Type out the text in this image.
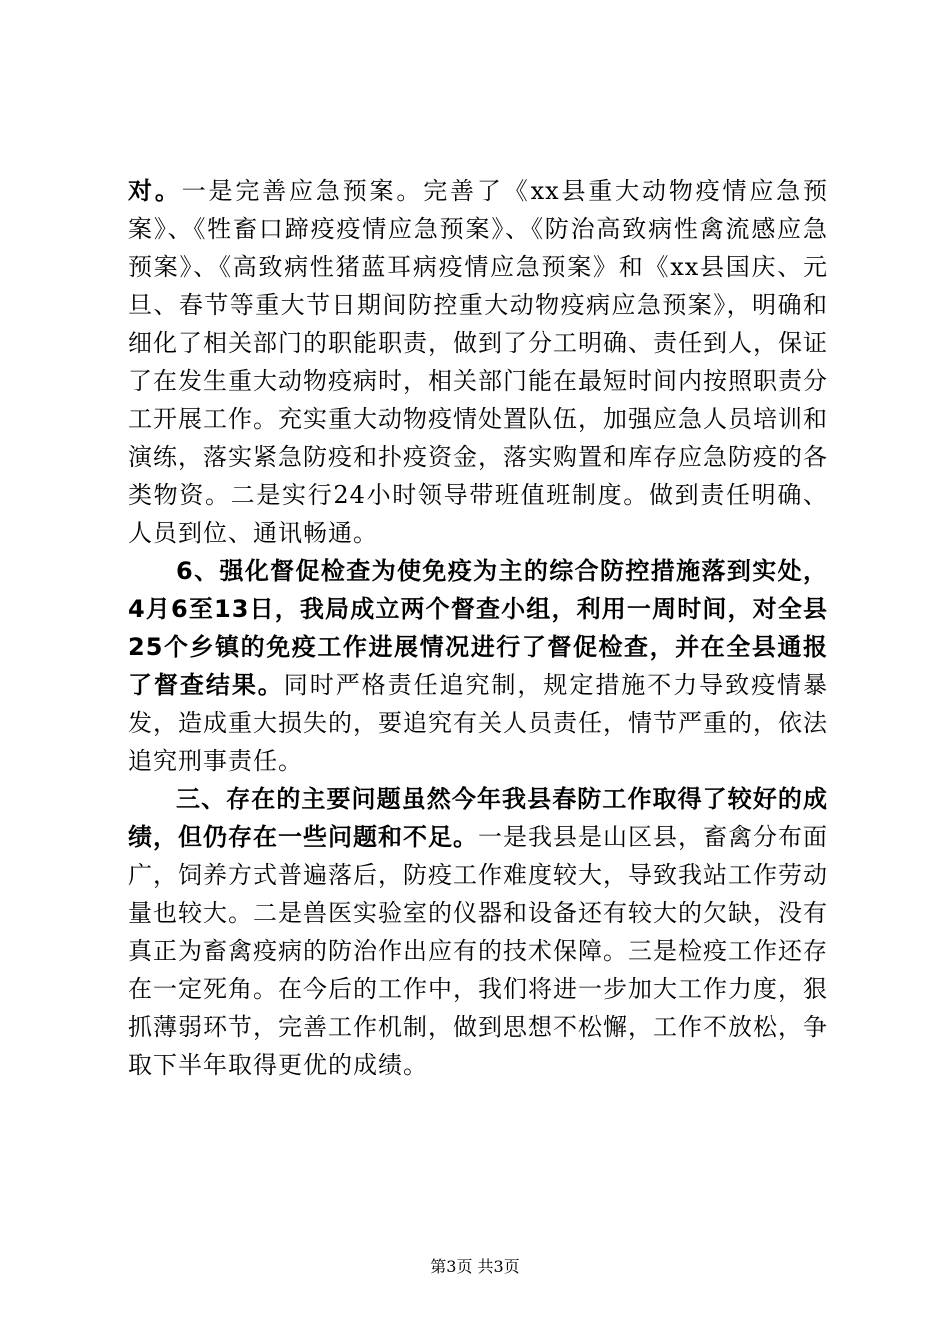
对。一是完善应急预案。完善了《xx县重大动物疫情应急预案》、《牲畜口蹄疫疫情应急预案》、《防治高致病性禽流感应急预案》、《高致病性猪蓝耳病疫情应急预案》和《xx县国庆、元旦、春节等重大节日期间防控重大动物疫病应急预案》，明确和细化了相关部门的职能职责，做到了分工明确、责任到人，保证了在发生重大动物疫病时，相关部门能在最短时间内按照职责分工开展工作。充实重大动物疫情处置队伍，加强应急人员培训和演练，落实紧急防疫和扑疫资金，落实购置和库存应急防疫的各类物资。二是实行24小时领导带班值班制度。做到责任明确、人员到位、通讯畅通。

6、强化督促检查为使免疫为主的综合防控措施落到实处，4月6至13日，我局成立两个督查小组，利用一周时间，对全县25个乡镇的免疫工作进展情况进行了督促检查，并在全县通报了督查结果。同时严格责任追究制，规定措施不力导致疫情暴发，造成重大损失的，要追究有关人员责任，情节严重的，依法追究刑事责任。

三、存在的主要问题虽然今年我县春防工作取得了较好的成绩，但仍存在一些问题和不足。一是我县是山区县，畜禽分布面广，饲养方式普遍落后，防疫工作难度较大，导致我站工作劳动量也较大。二是兽医实验室的仪器和设备还有较大的欠缺，没有真正为畜禽疫病的防治作出应有的技术保障。三是检疫工作还存在一定死角。在今后的工作中，我们将进一步加大工作力度，狠抓薄弱环节，完善工作机制，做到思想不松懈，工作不放松，争取下半年取得更优的成绩。

第3页 共3页
